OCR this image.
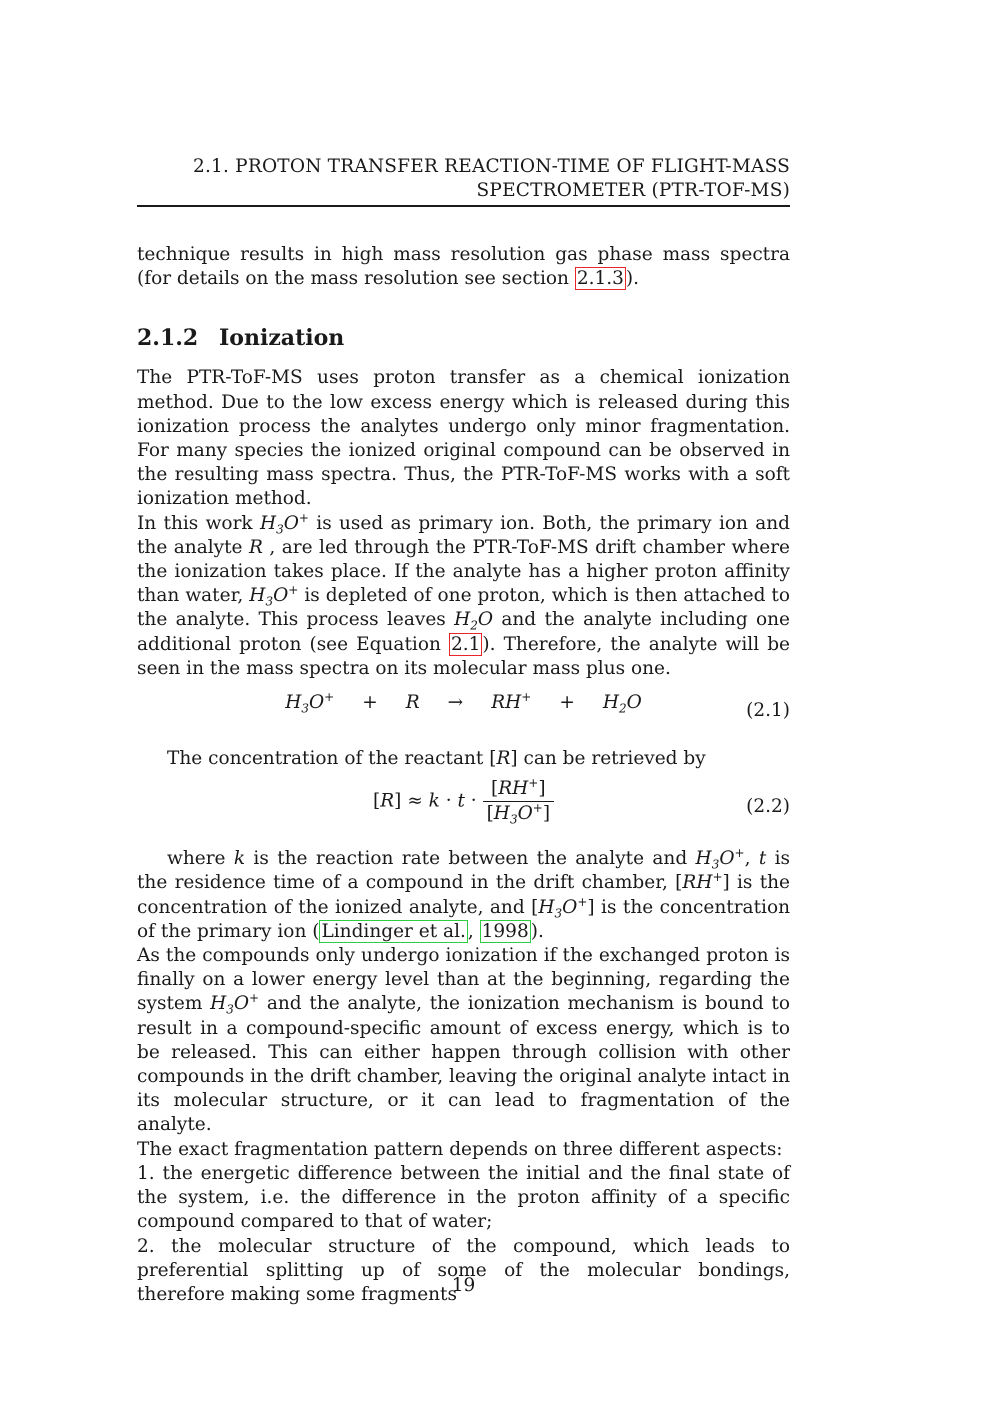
2.1. PROTON TRANSFER REACTION-TIME OF FLIGHT-MASS
SPECTROMETER (PTR-TOF-MS)

technique results in high mass resolution gas phase mass spectra (for details on the mass resolution see section 2.1.3 ).

2.1.2 Ionization

The PTR-ToF-MS uses proton transfer as a chemical ionization method. Due to the low excess energy which is released during this ionization process the analytes undergo only minor fragmentation. For many species the ionized original compound can be observed in the resulting mass spectra. Thus, the PTR-ToF-MS works with a soft ionization method.

In this work $H_3O^+$ is used as primary ion. Both, the primary ion and the analyte R , are led through the PTR-ToF-MS drift chamber where the ionization takes place. If the analyte has a higher proton affinity than water, $H_3O^+$ is depleted of one proton, which is then attached to the analyte. This process leaves $H_2O$ and the analyte including one additional proton (see Equation 2.1 ). Therefore, the analyte will be seen in the mass spectra on its molecular mass plus one.

$H_3O^+ + R \to RH^+ + H_2O$	(2.1)

The concentration of the reactant [R] can be retrieved by

$[R] \approx k \cdot t \cdot \frac{[RH^+]}{[H_3O^+]}$	(2.2)

where k is the reaction rate between the analyte and $H_3O^+$, t is the residence time of a compound in the drift chamber, [RH+] is the concentration of the ionized analyte, and $[H_3O^+]$ is the concentration of the primary ion ( Lindinger et al. , 1998 ).

As the compounds only undergo ionization if the exchanged proton is finally on a lower energy level than at the beginning, regarding the system $H_3O^+$ and the analyte, the ionization mechanism is bound to result in a compound-specific amount of excess energy, which is to be released. This can either happen through collision with other compounds in the drift chamber, leaving the original analyte intact in its molecular structure, or it can lead to fragmentation of the analyte.

The exact fragmentation pattern depends on three different aspects:

1. the energetic difference between the initial and the final state of the system, i.e. the difference in the proton affinity of a specific compound compared to that of water;

2. the molecular structure of the compound, which leads to preferential splitting up of some of the molecular bondings, therefore making some fragments

19
